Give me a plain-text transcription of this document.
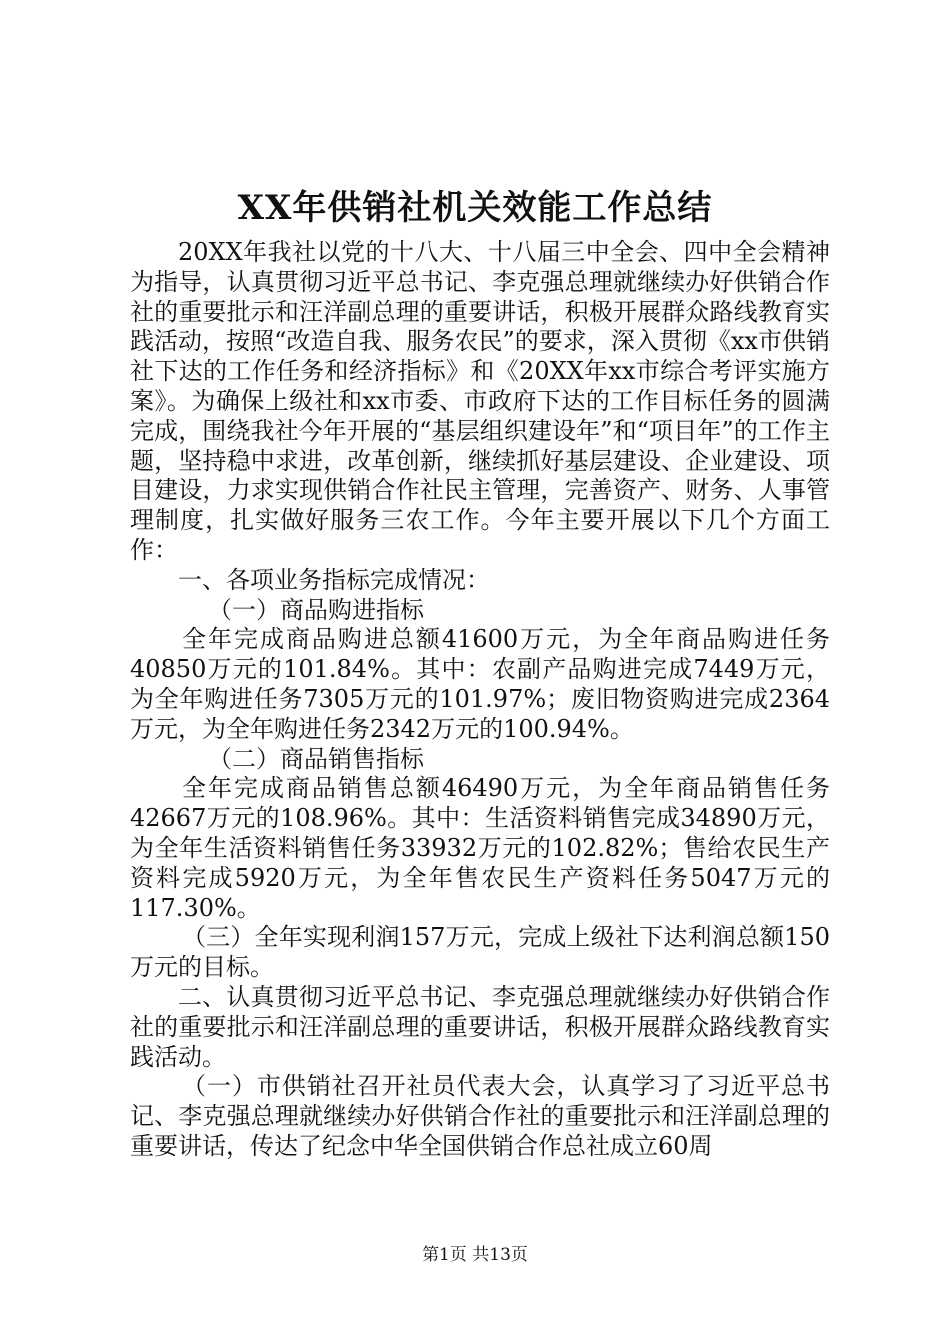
XX年供销社机关效能工作总结

20XX年我社以党的十八大、十八届三中全会、四中全会精神为指导，认真贯彻习近平总书记、李克强总理就继续办好供销合作社的重要批示和汪洋副总理的重要讲话，积极开展群众路线教育实践活动，按照“改造自我、服务农民”的要求，深入贯彻《xx市供销社下达的工作任务和经济指标》和《20XX年xx市综合考评实施方案》。为确保上级社和xx市委、市政府下达的工作目标任务的圆满完成，围绕我社今年开展的“基层组织建设年”和“项目年”的工作主题，坚持稳中求进，改革创新，继续抓好基层建设、企业建设、项目建设，力求实现供销合作社民主管理，完善资产、财务、人事管理制度，扎实做好服务三农工作。今年主要开展以下几个方面工作：

一、各项业务指标完成情况：

（一）商品购进指标

全年完成商品购进总额41600万元，为全年商品购进任务40850万元的101.84%。其中：农副产品购进完成7449万元，为全年购进任务7305万元的101.97%；废旧物资购进完成2364万元，为全年购进任务2342万元的100.94%。

（二）商品销售指标

全年完成商品销售总额46490万元，为全年商品销售任务42667万元的108.96%。其中：生活资料销售完成34890万元，为全年生活资料销售任务33932万元的102.82%；售给农民生产资料完成5920万元，为全年售农民生产资料任务5047万元的117.30%。

（三）全年实现利润157万元，完成上级社下达利润总额150万元的目标。

二、认真贯彻习近平总书记、李克强总理就继续办好供销合作社的重要批示和汪洋副总理的重要讲话，积极开展群众路线教育实践活动。

（一）市供销社召开社员代表大会，认真学习了习近平总书记、李克强总理就继续办好供销合作社的重要批示和汪洋副总理的重要讲话，传达了纪念中华全国供销合作总社成立60周

第1页 共13页
